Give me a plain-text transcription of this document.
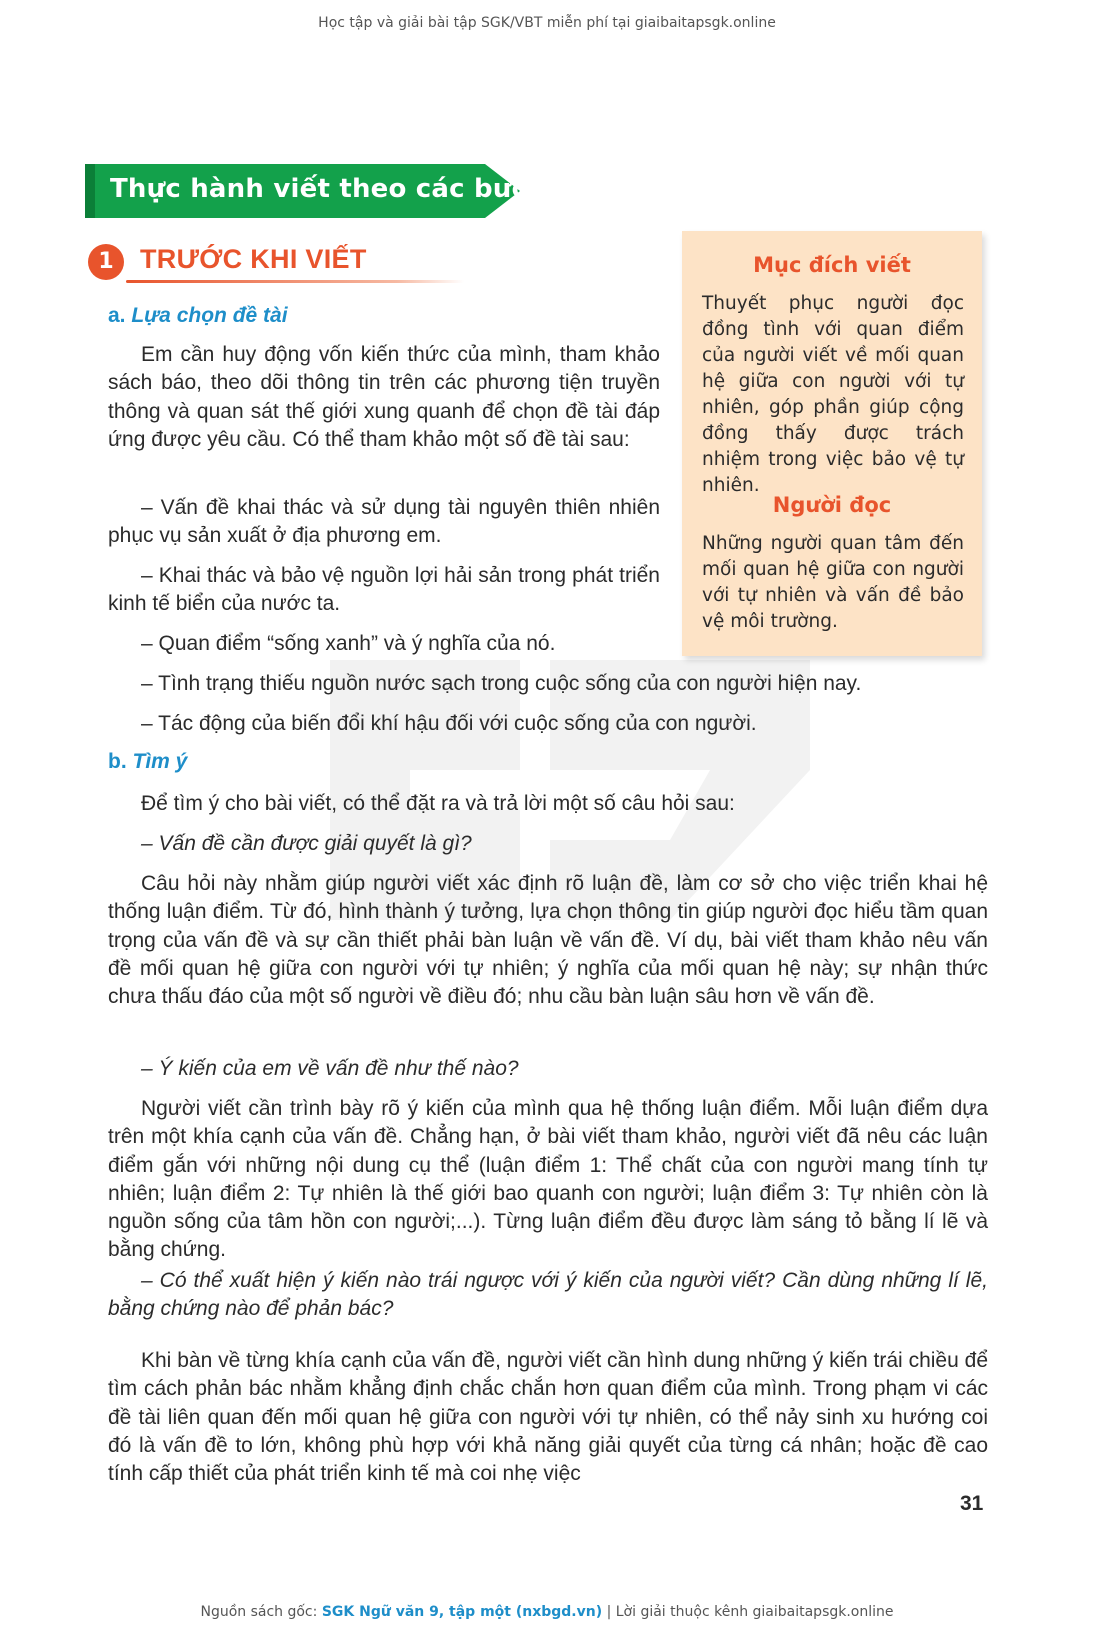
Học tập và giải bài tập SGK/VBT miễn phí tại giaibaitapsgk.online
Thực hành viết theo các bước
1 TRƯỚC KHI VIẾT	Mục đích viết
Thuyết phục người đọc đồng tình với quan điểm của người viết về mối quan hệ giữa con người với tự nhiên, góp phần giúp cộng đồng thấy được trách nhiệm trong việc bảo vệ tự nhiên.
Người đọc
Những người quan tâm đến mối quan hệ giữa con người với tự nhiên và vấn đề bảo vệ môi trường.
a. Lựa chọn đề tài
Em cần huy động vốn kiến thức của mình, tham khảo sách báo, theo dõi thông tin trên các phương tiện truyền thông và quan sát thế giới xung quanh để chọn đề tài đáp ứng được yêu cầu. Có thể tham khảo một số đề tài sau:
– Vấn đề khai thác và sử dụng tài nguyên thiên nhiên phục vụ sản xuất ở địa phương em.
– Khai thác và bảo vệ nguồn lợi hải sản trong phát triển kinh tế biển của nước ta.
– Quan điểm “sống xanh” và ý nghĩa của nó.
– Tình trạng thiếu nguồn nước sạch trong cuộc sống của con người hiện nay.
– Tác động của biến đổi khí hậu đối với cuộc sống của con người.
b. Tìm ý
Để tìm ý cho bài viết, có thể đặt ra và trả lời một số câu hỏi sau:
– Vấn đề cần được giải quyết là gì?
Câu hỏi này nhằm giúp người viết xác định rõ luận đề, làm cơ sở cho việc triển khai hệ thống luận điểm. Từ đó, hình thành ý tưởng, lựa chọn thông tin giúp người đọc hiểu tầm quan trọng của vấn đề và sự cần thiết phải bàn luận về vấn đề. Ví dụ, bài viết tham khảo nêu vấn đề mối quan hệ giữa con người với tự nhiên; ý nghĩa của mối quan hệ này; sự nhận thức chưa thấu đáo của một số người về điều đó; nhu cầu bàn luận sâu hơn về vấn đề.
– Ý kiến của em về vấn đề như thế nào?
Người viết cần trình bày rõ ý kiến của mình qua hệ thống luận điểm. Mỗi luận điểm dựa trên một khía cạnh của vấn đề. Chẳng hạn, ở bài viết tham khảo, người viết đã nêu các luận điểm gắn với những nội dung cụ thể (luận điểm 1: Thể chất của con người mang tính tự nhiên; luận điểm 2: Tự nhiên là thế giới bao quanh con người; luận điểm 3: Tự nhiên còn là nguồn sống của tâm hồn con người;...). Từng luận điểm đều được làm sáng tỏ bằng lí lẽ và bằng chứng.
– Có thể xuất hiện ý kiến nào trái ngược với ý kiến của người viết? Cần dùng những lí lẽ, bằng chứng nào để phản bác?
Khi bàn về từng khía cạnh của vấn đề, người viết cần hình dung những ý kiến trái chiều để tìm cách phản bác nhằm khẳng định chắc chắn hơn quan điểm của mình. Trong phạm vi các đề tài liên quan đến mối quan hệ giữa con người với tự nhiên, có thể nảy sinh xu hướng coi đó là vấn đề to lớn, không phù hợp với khả năng giải quyết của từng cá nhân; hoặc đề cao tính cấp thiết của phát triển kinh tế mà coi nhẹ việc
31
Nguồn sách gốc: SGK Ngữ văn 9, tập một (nxbgd.vn) | Lời giải thuộc kênh giaibaitapsgk.online
